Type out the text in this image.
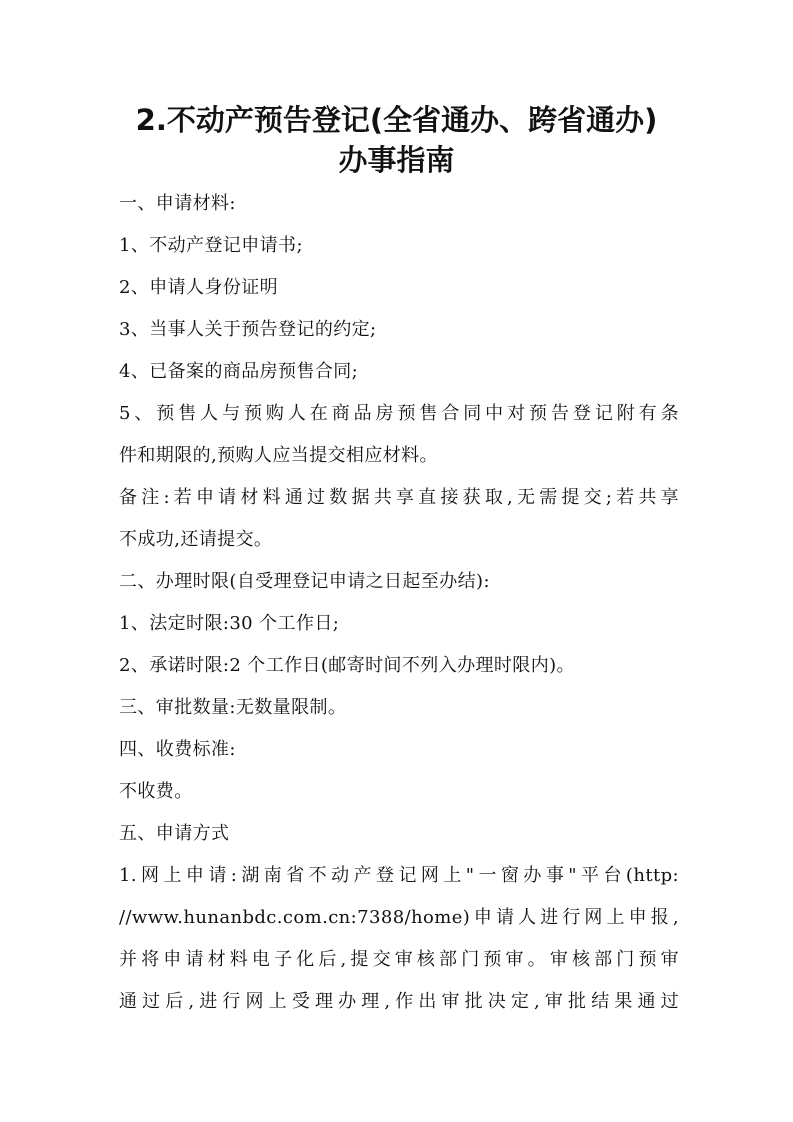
2.不动产预告登记(全省通办、跨省通办)
办事指南
一、申请材料:
1、不动产登记申请书;
2、申请人身份证明
3、当事人关于预告登记的约定;
4、已备案的商品房预售合同;
5、预售人与预购人在商品房预售合同中对预告登记附有条
件和期限的,预购人应当提交相应材料。
备注:若申请材料通过数据共享直接获取,无需提交;若共享
不成功,还请提交。
二、办理时限(自受理登记申请之日起至办结):
1、法定时限:30 个工作日;
2、承诺时限:2 个工作日(邮寄时间不列入办理时限内)。
三、审批数量:无数量限制。
四、收费标准:
不收费。
五、申请方式
1.网上申请:湖南省不动产登记网上"一窗办事"平台(http:
//www.hunanbdc.com.cn:7388/home)申请人进行网上申报,
并将申请材料电子化后,提交审核部门预审。审核部门预审
通过后,进行网上受理办理,作出审批决定,审批结果通过
